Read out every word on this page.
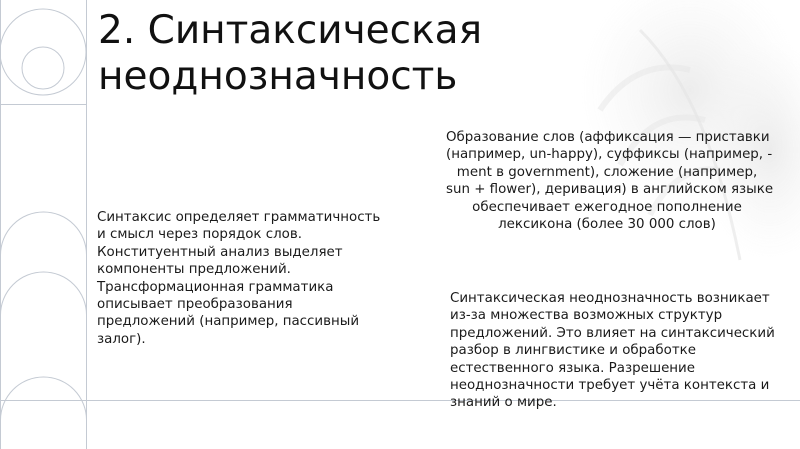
2. Синтаксическая
неоднозначность
Синтаксис определяет грамматичность
и смысл через порядок слов.
Конституентный анализ выделяет
компоненты предложений.
Трансформационная грамматика
описывает преобразования
предложений (например, пассивный
залог).
Образование слов (аффиксация — приставки
(например, un-happy), суффиксы (например, -
ment в government), сложение (например,
sun + flower), деривация) в английском языке
обеспечивает ежегодное пополнение
лексикона (более 30 000 слов)
Синтаксическая неоднозначность возникает
из-за множества возможных структур
предложений. Это влияет на синтаксический
разбор в лингвистике и обработке
естественного языка. Разрешение
неоднозначности требует учёта контекста и
знаний о мире.
